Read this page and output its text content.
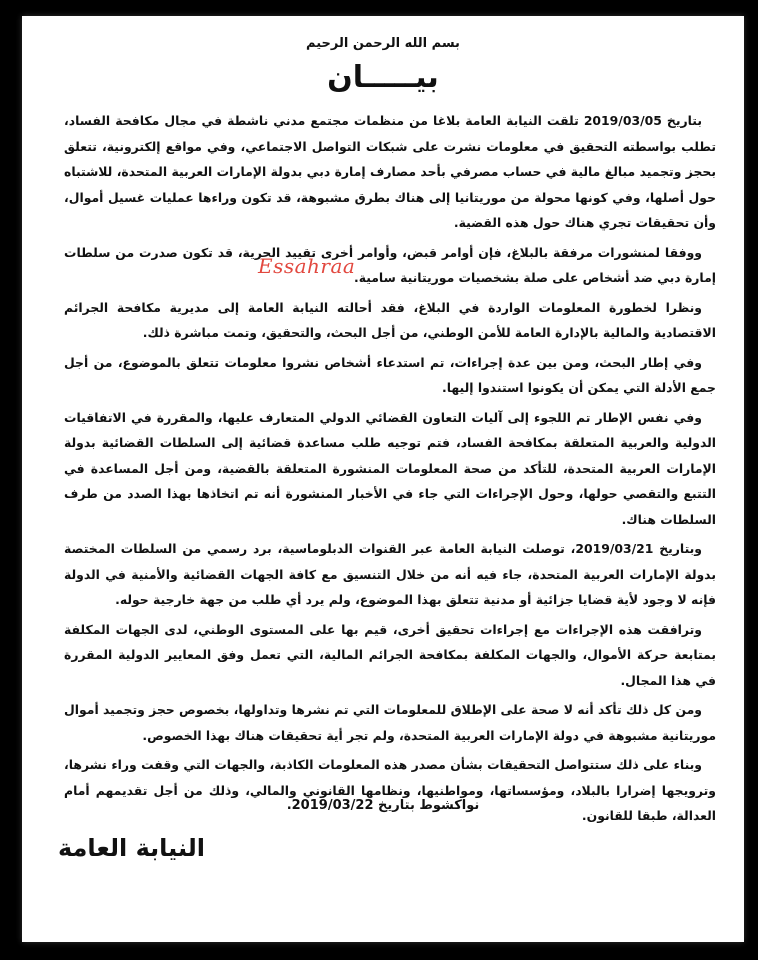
بسم الله الرحمن الرحيم
بيـــــان

بتاريخ 2019/03/05 تلقت النيابة العامة بلاغا من منظمات مجتمع مدني ناشطة في مجال مكافحة الفساد، تطلب بواسطته التحقيق في معلومات نشرت على شبكات التواصل الاجتماعي، وفي مواقع إلكترونية، تتعلق بحجز وتجميد مبالغ مالية في حساب مصرفي بأحد مصارف إمارة دبي بدولة الإمارات العربية المتحدة، للاشتباه حول أصلها، وفي كونها محولة من موريتانيا إلى هناك بطرق مشبوهة، قد تكون وراءها عمليات غسيل أموال، وأن تحقيقات تجري هناك حول هذه القضية.

ووفقا لمنشورات مرفقة بالبلاغ، فإن أوامر قبض، وأوامر أخرى تقييد الحرية، قد تكون صدرت من سلطات إمارة دبي ضد أشخاص على صلة بشخصيات موريتانية سامية.

ونظرا لخطورة المعلومات الواردة في البلاغ، فقد أحالته النيابة العامة إلى مديرية مكافحة الجرائم الاقتصادية والمالية بالإدارة العامة للأمن الوطني، من أجل البحث، والتحقيق، وتمت مباشرة ذلك.

وفي إطار البحث، ومن بين عدة إجراءات، تم استدعاء أشخاص نشروا معلومات تتعلق بالموضوع، من أجل جمع الأدلة التي يمكن أن يكونوا استندوا إليها.

وفي نفس الإطار تم اللجوء إلى آليات التعاون القضائي الدولي المتعارف عليها، والمقررة في الاتفاقيات الدولية والعربية المتعلقة بمكافحة الفساد، فتم توجيه طلب مساعدة قضائية إلى السلطات القضائية بدولة الإمارات العربية المتحدة، للتأكد من صحة المعلومات المنشورة المتعلقة بالقضية، ومن أجل المساعدة في التتبع والتقصي حولها، وحول الإجراءات التي جاء في الأخبار المنشورة أنه تم اتخاذها بهذا الصدد من طرف السلطات هناك.

وبتاريخ 2019/03/21، توصلت النيابة العامة عبر القنوات الدبلوماسية، برد رسمي من السلطات المختصة بدولة الإمارات العربية المتحدة، جاء فيه أنه من خلال التنسيق مع كافة الجهات القضائية والأمنية في الدولة فإنه لا وجود لأية قضايا جزائية أو مدنية تتعلق بهذا الموضوع، ولم يرد أي طلب من جهة خارجية حوله.

وترافقت هذه الإجراءات مع إجراءات تحقيق أخرى، قيم بها على المستوى الوطني، لدى الجهات المكلفة بمتابعة حركة الأموال، والجهات المكلفة بمكافحة الجرائم المالية، التي تعمل وفق المعايير الدولية المقررة في هذا المجال.

ومن كل ذلك تأكد أنه لا صحة على الإطلاق للمعلومات التي تم نشرها وتداولها، بخصوص حجز وتجميد أموال موريتانية مشبوهة في دولة الإمارات العربية المتحدة، ولم تجر أية تحقيقات هناك بهذا الخصوص.

وبناء على ذلك ستتواصل التحقيقات بشأن مصدر هذه المعلومات الكاذبة، والجهات التي وقفت وراء نشرها، وترويجها إضرارا بالبلاد، ومؤسساتها، ومواطنيها، ونظامها القانوني والمالي، وذلك من أجل تقديمهم أمام العدالة، طبقا للقانون.

Essahraa
نواكشوط بتاريخ 2019/03/22.
النيابة العامة
